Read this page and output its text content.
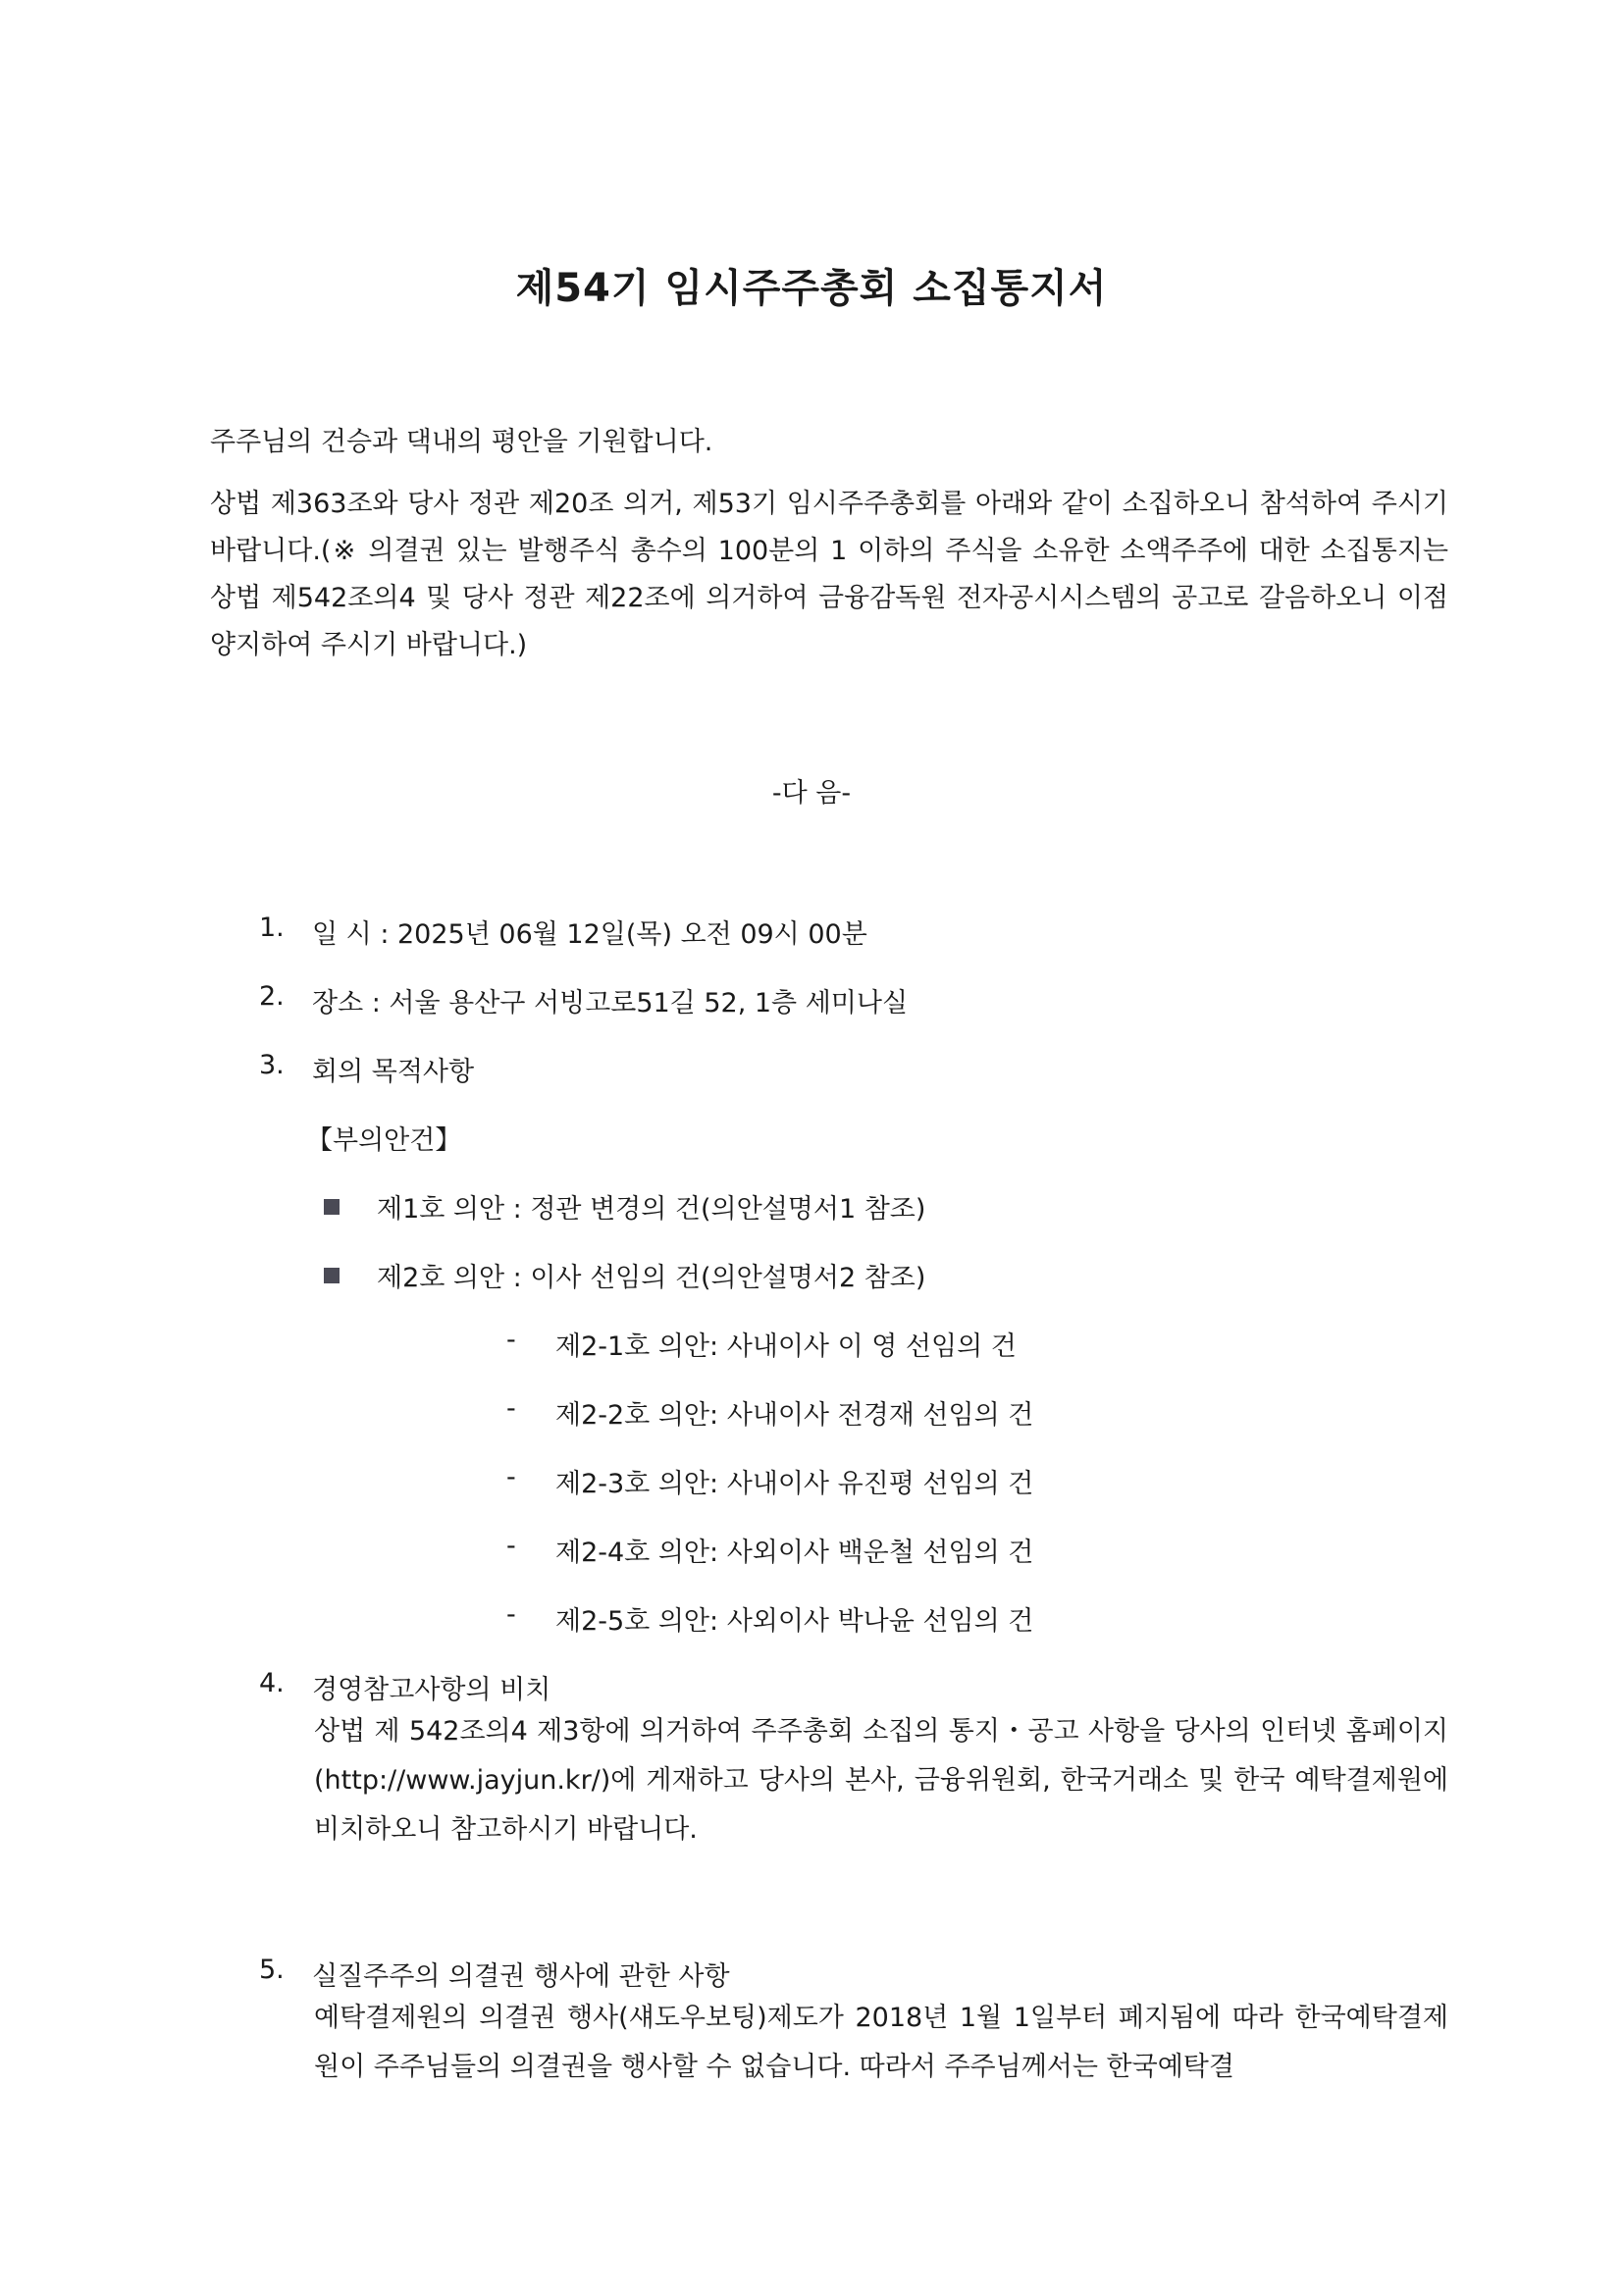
제54기 임시주주총회 소집통지서
주주님의 건승과 댁내의 평안을 기원합니다.
상법 제363조와 당사 정관 제20조 의거, 제53기 임시주주총회를 아래와 같이 소집하오니 참석하여 주시기 바랍니다.(※ 의결권 있는 발행주식 총수의 100분의 1 이하의 주식을 소유한 소액주주에 대한 소집통지는 상법 제542조의4 및 당사 정관 제22조에 의거하여 금융감독원 전자공시시스템의 공고로 갈음하오니 이점 양지하여 주시기 바랍니다.)
-다 음-
1. 일 시 : 2025년 06월 12일(목) 오전 09시 00분
2. 장소 : 서울 용산구 서빙고로51길 52, 1층 세미나실
3. 회의 목적사항
【부의안건】
제1호 의안 : 정관 변경의 건(의안설명서1 참조)
제2호 의안 : 이사 선임의 건(의안설명서2 참조)
- 제2-1호 의안: 사내이사 이 영 선임의 건
- 제2-2호 의안: 사내이사 전경재 선임의 건
- 제2-3호 의안: 사내이사 유진평 선임의 건
- 제2-4호 의안: 사외이사 백운철 선임의 건
- 제2-5호 의안: 사외이사 박나윤 선임의 건
4. 경영참고사항의 비치
상법 제 542조의4 제3항에 의거하여 주주총회 소집의 통지・공고 사항을 당사의 인터넷 홈페이지(http://www.jayjun.kr/)에 게재하고 당사의 본사, 금융위원회, 한국거래소 및 한국 예탁결제원에 비치하오니 참고하시기 바랍니다.
5. 실질주주의 의결권 행사에 관한 사항
예탁결제원의 의결권 행사(섀도우보팅)제도가 2018년 1월 1일부터 폐지됨에 따라 한국예탁결제원이 주주님들의 의결권을 행사할 수 없습니다. 따라서 주주님께서는 한국예탁결
